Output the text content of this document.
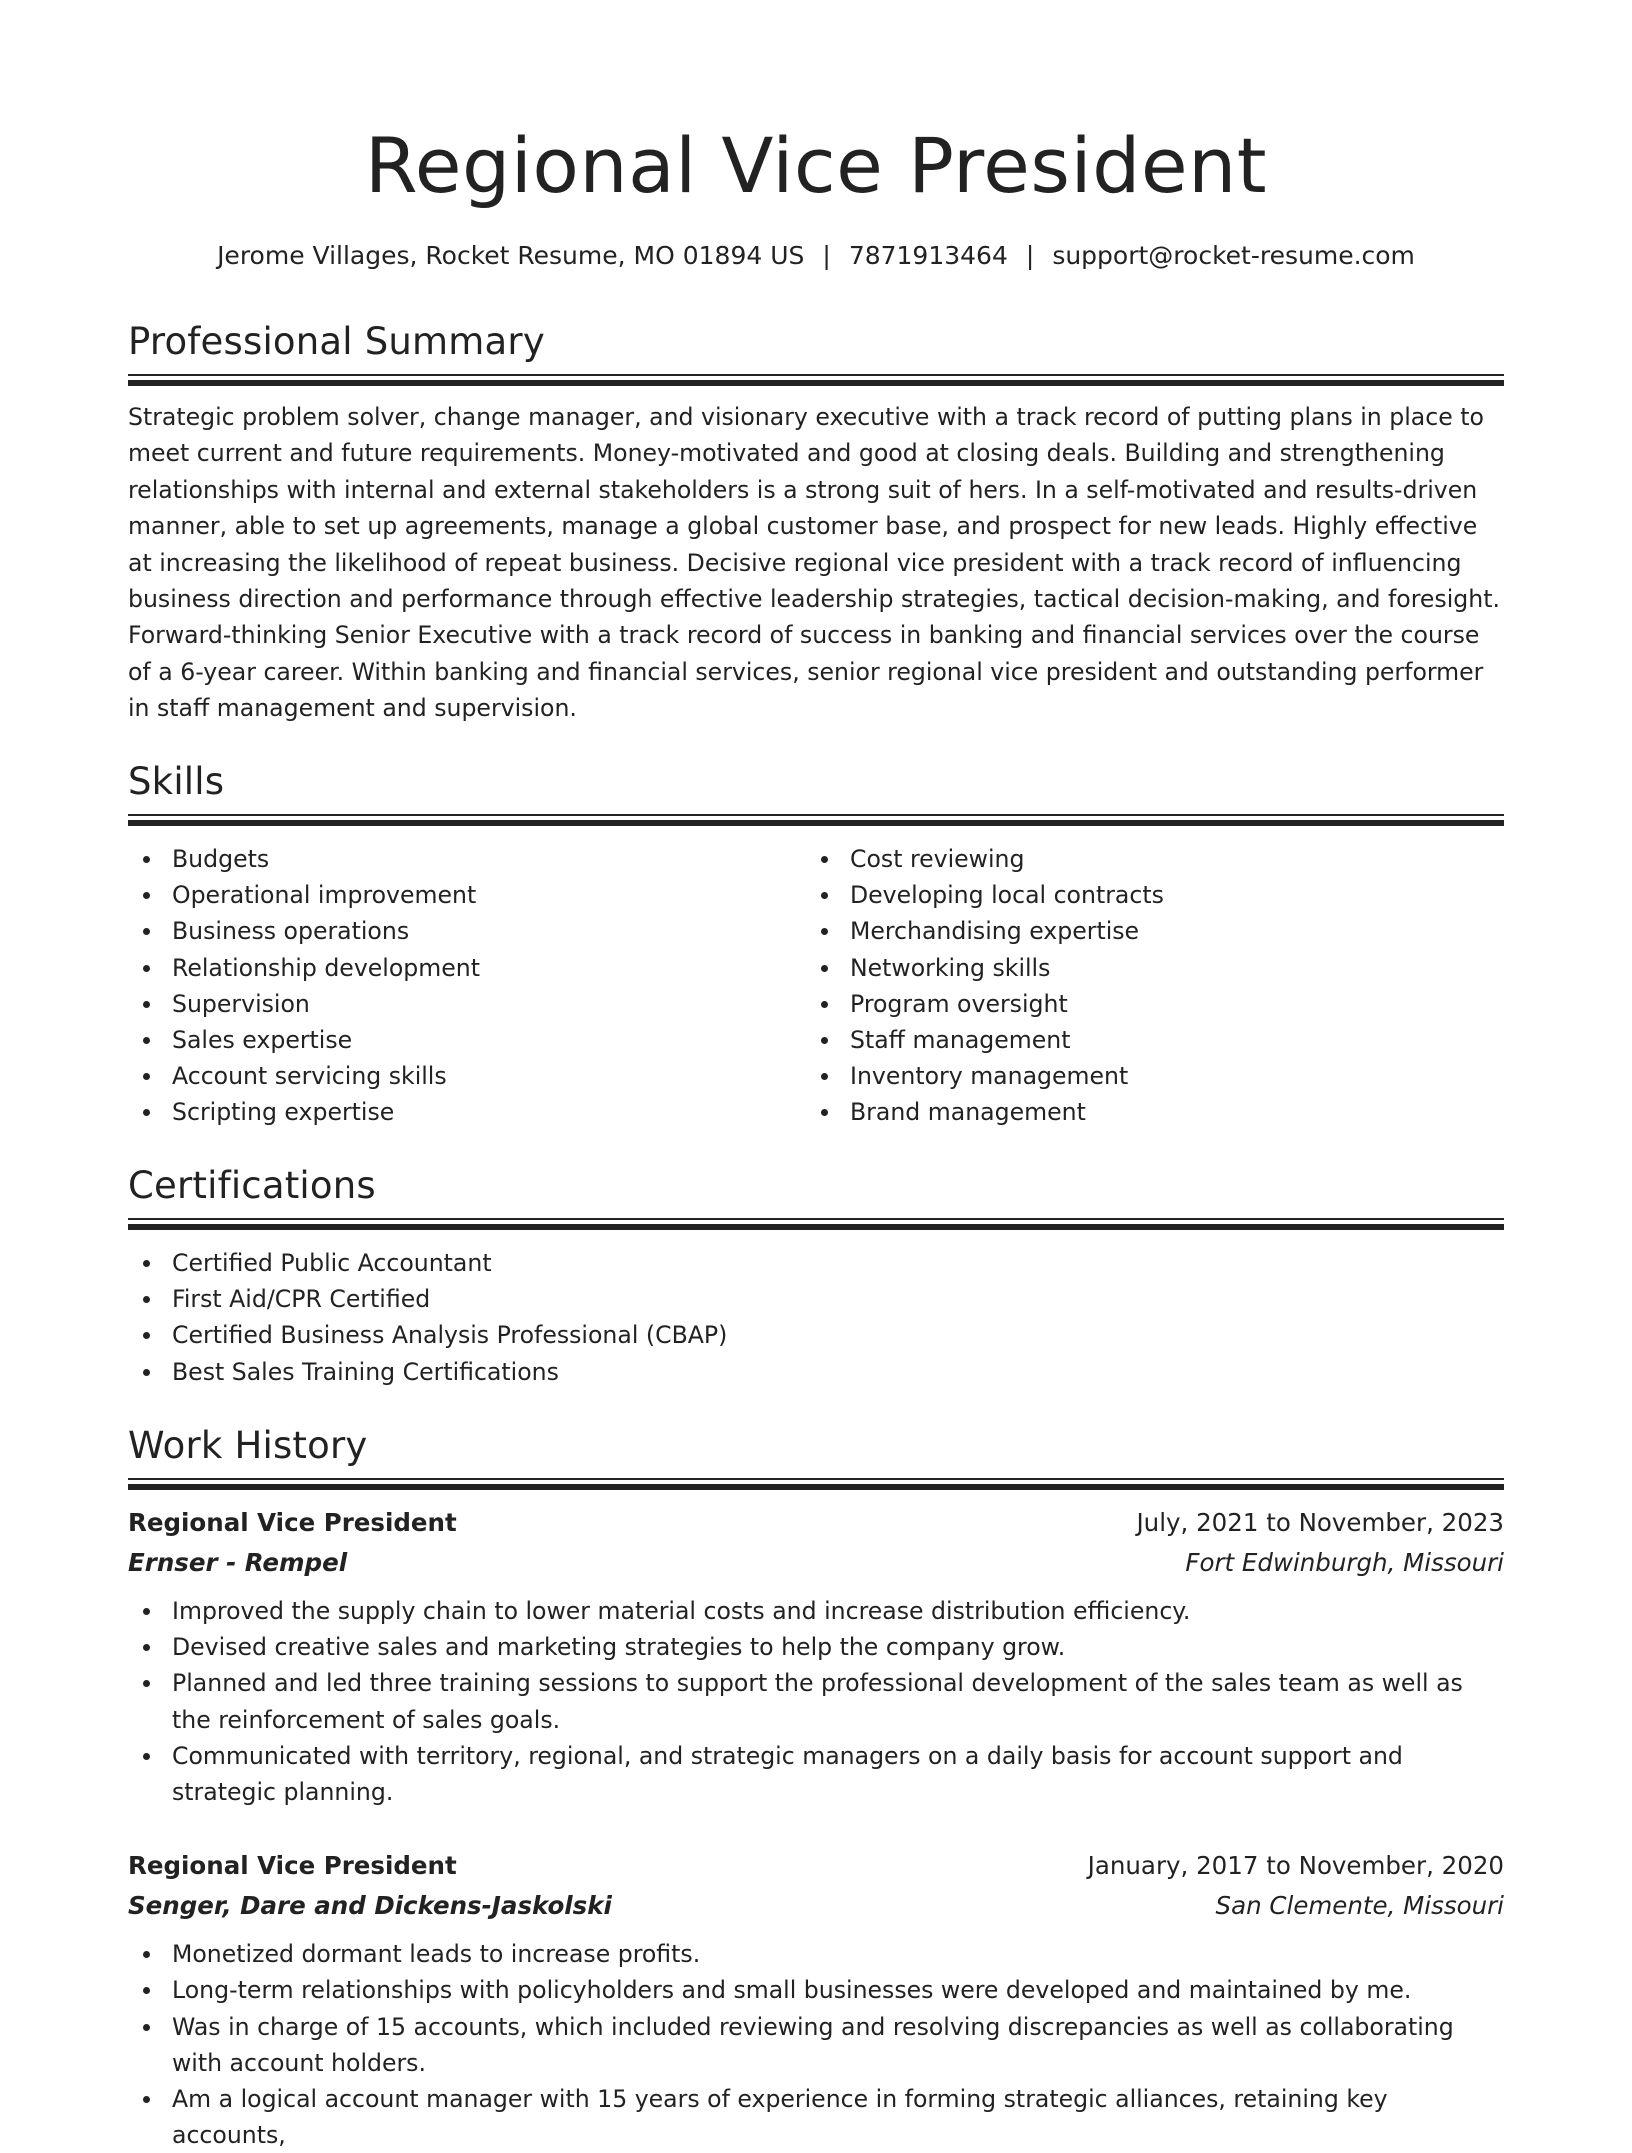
Regional Vice President
Jerome Villages, Rocket Resume, MO 01894 US | 7871913464 | support@rocket-resume.com
Professional Summary

Strategic problem solver, change manager, and visionary executive with a track record of putting plans in place to meet current and future requirements. Money-motivated and good at closing deals. Building and strengthening relationships with internal and external stakeholders is a strong suit of hers. In a self-motivated and results-driven manner, able to set up agreements, manage a global customer base, and prospect for new leads. Highly effective at increasing the likelihood of repeat business. Decisive regional vice president with a track record of influencing business direction and performance through effective leadership strategies, tactical decision-making, and foresight. Forward-thinking Senior Executive with a track record of success in banking and financial services over the course of a 6-year career. Within banking and financial services, senior regional vice president and outstanding performer in staff management and supervision.

Skills
Budgets
Operational improvement
Business operations
Relationship development
Supervision
Sales expertise
Account servicing skills
Scripting expertise
Cost reviewing
Developing local contracts
Merchandising expertise
Networking skills
Program oversight
Staff management
Inventory management
Brand management
Certifications
Certified Public Accountant
First Aid/CPR Certified
Certified Business Analysis Professional (CBAP)
Best Sales Training Certifications
Work History
Regional Vice President	July, 2021 to November, 2023
Ernser - Rempel	Fort Edwinburgh, Missouri
Improved the supply chain to lower material costs and increase distribution efficiency.
Devised creative sales and marketing strategies to help the company grow.
Planned and led three training sessions to support the professional development of the sales team as well as the reinforcement of sales goals.
Communicated with territory, regional, and strategic managers on a daily basis for account support and strategic planning.
Regional Vice President	January, 2017 to November, 2020
Senger, Dare and Dickens-Jaskolski	San Clemente, Missouri
Monetized dormant leads to increase profits.
Long-term relationships with policyholders and small businesses were developed and maintained by me.
Was in charge of 15 accounts, which included reviewing and resolving discrepancies as well as collaborating with account holders.
Am a logical account manager with 15 years of experience in forming strategic alliances, retaining key accounts,
